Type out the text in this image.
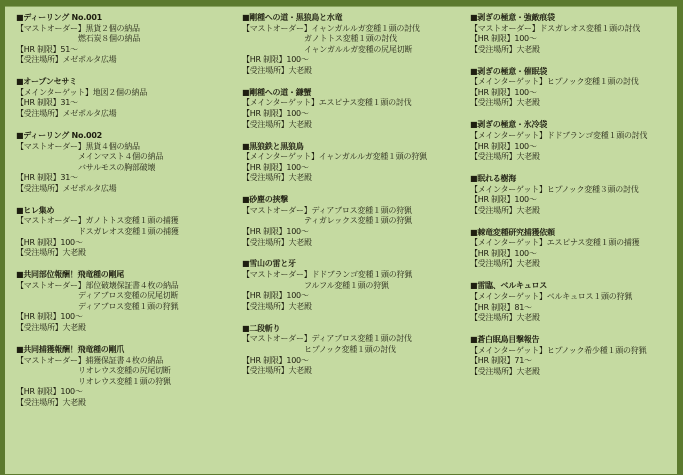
■ディーリング No.001
【マストオーダー】黒貨２個の納品
　　　　　　　　燃石炭８個の納品
【HR 制限】51～
【受注場所】メゼポルタ広場
■オープンセサミ
【メインターゲット】地図２個の納品
【HR 制限】31～
【受注場所】メゼポルタ広場
■ディーリング No.002
【マストオーダー】黒貨４個の納品
　　　　　　　　メインマスト４個の納品
　　　　　　　　バサルモスの胸部破壊
【HR 制限】31～
【受注場所】メゼポルタ広場
■ヒレ集め
【マストオーダー】ガノトトス変種１頭の捕獲
　　　　　　　　ドスガレオス変種１頭の捕獲
【HR 制限】100～
【受注場所】大老殿
■共同部位報酬！飛竜種の剛尾
【マストオーダー】部位破壊保証書４枚の納品
　　　　　　　　ディアブロス変種の尻尾切断
　　　　　　　　ディアブロス変種１頭の狩猟
【HR 制限】100～
【受注場所】大老殿
■共同捕獲報酬！飛竜種の剛爪
【マストオーダー】捕獲保証書４枚の納品
　　　　　　　　リオレウス変種の尻尾切断
　　　　　　　　リオレウス変種１頭の狩猟
【HR 制限】100～
【受注場所】大老殿
■剛種への道・黒狼鳥と水竜
【マストオーダー】イャンガルルガ変種１頭の討伐
　　　　　　　　ガノトトス変種１頭の討伐
　　　　　　　　イャンガルルガ変種の尻尾切断
【HR 制限】100～
【受注場所】大老殿
■剛種への道・鎌蟹
【メインターゲット】エスピナス変種１頭の討伐
【HR 制限】100～
【受注場所】大老殿
■黒狼鉄と黒狼鳥
【メインターゲット】イャンガルルガ変種１頭の狩猟
【HR 制限】100～
【受注場所】大老殿
■砂塵の挟撃
【マストオーダー】ディアブロス変種１頭の狩猟
　　　　　　　　ティガレックス変種１頭の狩猟
【HR 制限】100～
【受注場所】大老殿
■雪山の雷と牙
【マストオーダー】ドドブランゴ変種１頭の狩猟
　　　　　　　　フルフル変種１頭の狩猟
【HR 制限】100～
【受注場所】大老殿
■二段斬り
【マストオーダー】ディアブロス変種１頭の討伐
　　　　　　　　ヒプノック変種１頭の討伐
【HR 制限】100～
【受注場所】大老殿
■剥ぎの極意・強敵痕袋
【マストオーダー】ドスガレオス変種１頭の討伐
【HR 制限】100～
【受注場所】大老殿
■剥ぎの極意・催眠袋
【メインターゲット】ヒプノック変種１頭の討伐
【HR 制限】100～
【受注場所】大老殿
■剥ぎの極意・氷冷袋
【メインターゲット】ドドブランゴ変種１頭の討伐
【HR 制限】100～
【受注場所】大老殿
■眠れる樹海
【メインターゲット】ヒプノック変種３頭の討伐
【HR 制限】100～
【受注場所】大老殿
■棘竜変種研究捕獲依頼
【メインターゲット】エスピナス変種１頭の捕獲
【HR 制限】100～
【受注場所】大老殿
■雷臨、ベルキュロス
【メインターゲット】ベルキュロス１頭の狩猟
【HR 制限】81～
【受注場所】大老殿
■蒼白眠鳥目撃報告
【メインターゲット】ヒプノック希少種１頭の狩猟
【HR 制限】71～
【受注場所】大老殿
